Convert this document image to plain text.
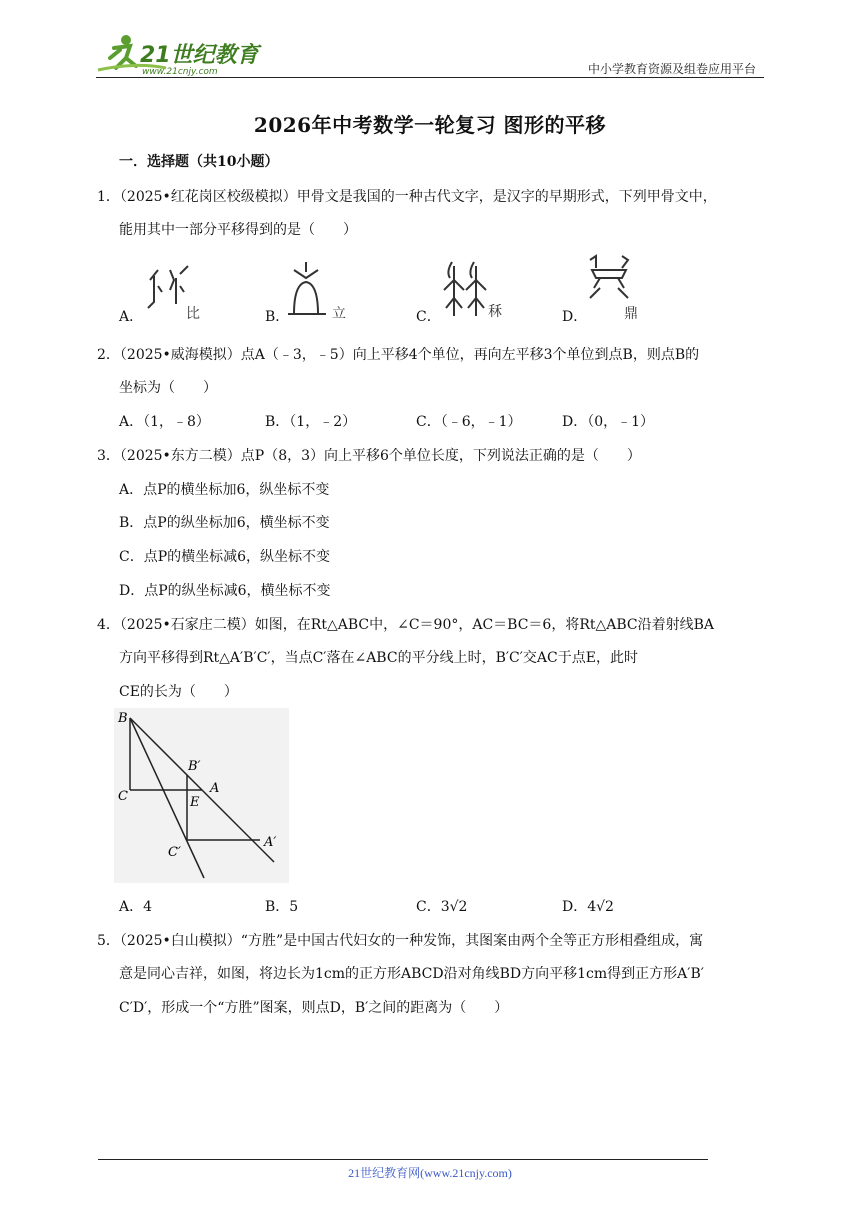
21世纪教育
www.21cnjy.com	中小学教育资源及组卷应用平台
2026年中考数学一轮复习 图形的平移
一．选择题（共10小题）
1．（2025•红花岗区校级模拟）甲骨文是我国的一种古代文字，是汉字的早期形式，下列甲骨文中，
能用其中一部分平移得到的是（　　）
A．	比	B．	立	C．	秝	D．	鼎
2．（2025•威海模拟）点A（﹣3，﹣5）向上平移4个单位，再向左平移3个单位到点B，则点B的
坐标为（　　）
A．（1，﹣8）	B．（1，﹣2）	C．（﹣6，﹣1）	D．（0，﹣1）
3．（2025•东方二模）点P（8，3）向上平移6个单位长度，下列说法正确的是（　　）
A．点P的横坐标加6，纵坐标不变
B．点P的纵坐标加6，横坐标不变
C．点P的横坐标减6，纵坐标不变
D．点P的纵坐标减6，横坐标不变
4．（2025•石家庄二模）如图，在Rt△ABC中，∠C＝90°，AC＝BC＝6，将Rt△ABC沿着射线BA
方向平移得到Rt△A′B′C′，当点C′落在∠ABC的平分线上时，B′C′交AC于点E，此时
CE的长为（　　）
B
B′
A
C	E
A′
C′
A．4	B．5	C．3√2	D．4√2
5．（2025•白山模拟）“方胜”是中国古代妇女的一种发饰，其图案由两个全等正方形相叠组成，寓
意是同心吉祥，如图，将边长为1cm的正方形ABCD沿对角线BD方向平移1cm得到正方形A′B′
C′D′，形成一个“方胜”图案，则点D，B′之间的距离为（　　）
21世纪教育网(www.21cnjy.com)
